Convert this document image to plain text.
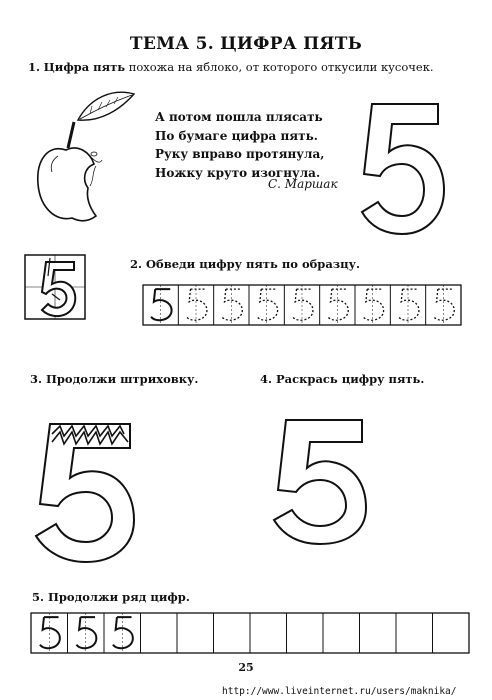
ТЕМА 5. ЦИФРА ПЯТЬ
1. Цифра пять похожа на яблоко, от которого откусили кусочек.
А потом пошла плясать
По бумаге цифра пять.
Руку вправо протянула,
Ножку круто изогнула.
С. Маршак
2. Обведи цифру пять по образцу.
3. Продолжи штриховку.	4. Раскрась цифру пять.
5. Продолжи ряд цифр.
25
http://www.liveinternet.ru/users/maknika/
